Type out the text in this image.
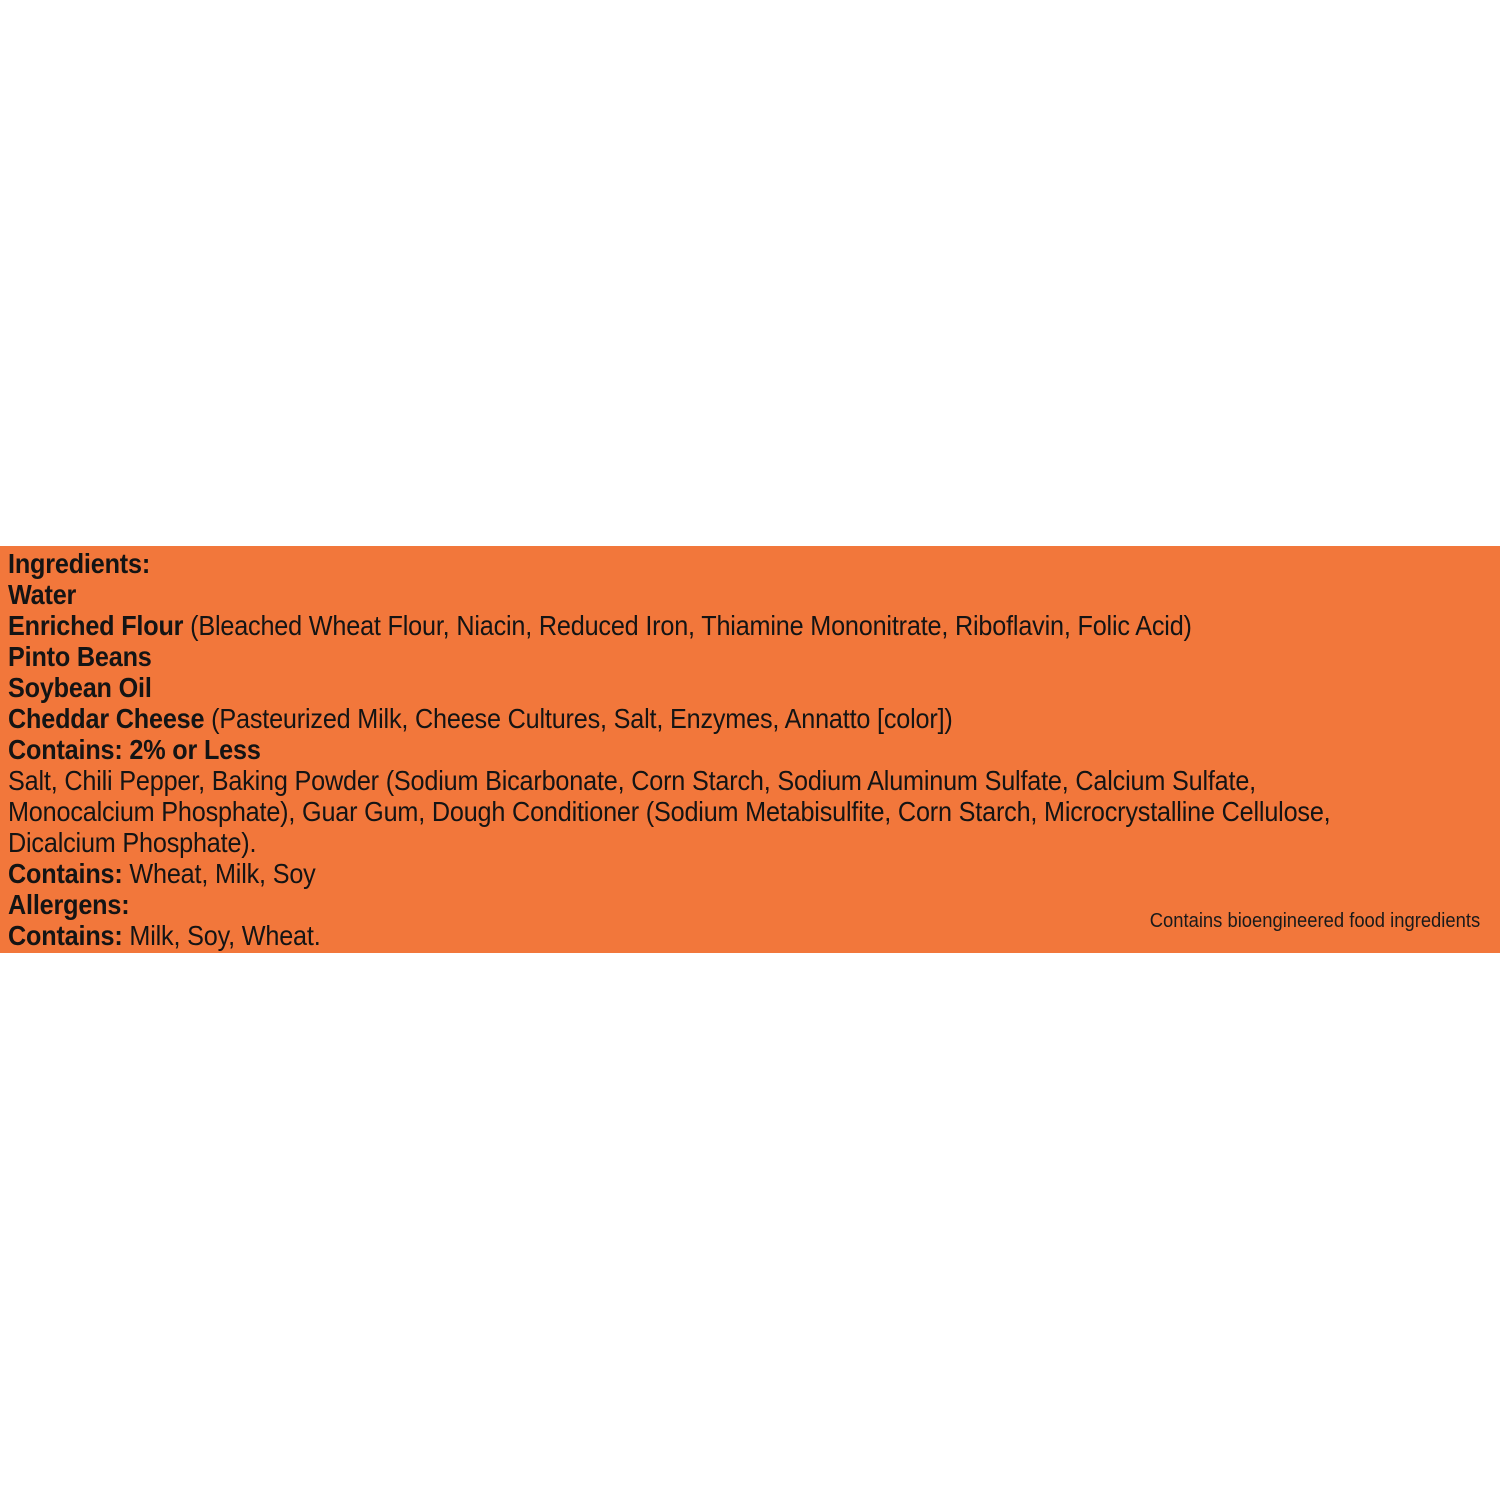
Ingredients:
Water
Enriched Flour (Bleached Wheat Flour, Niacin, Reduced Iron, Thiamine Mononitrate, Riboflavin, Folic Acid)
Pinto Beans
Soybean Oil
Cheddar Cheese (Pasteurized Milk, Cheese Cultures, Salt, Enzymes, Annatto [color])
Contains: 2% or Less
Salt, Chili Pepper, Baking Powder (Sodium Bicarbonate, Corn Starch, Sodium Aluminum Sulfate, Calcium Sulfate,
Monocalcium Phosphate), Guar Gum, Dough Conditioner (Sodium Metabisulfite, Corn Starch, Microcrystalline Cellulose,
Dicalcium Phosphate).
Contains: Wheat, Milk, Soy
Allergens:
Contains: Milk, Soy, Wheat.	Contains bioengineered food ingredients
